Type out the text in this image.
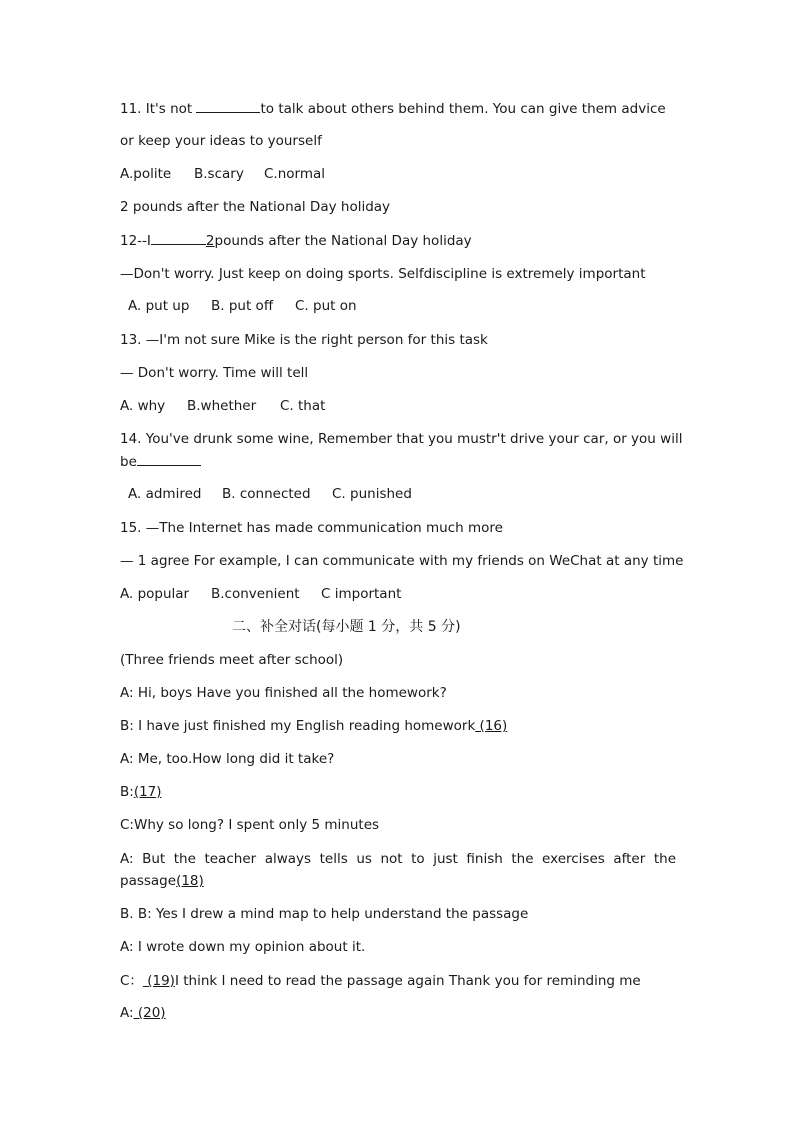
11. It's not	to talk about others behind them. You can give them advice
or keep your ideas to yourself
A.polite B.scary C.normal
2 pounds after the National Day holiday
12--I	2pounds after the National Day holiday
—Don't worry. Just keep on doing sports. Selfdiscipline is extremely important
A. put up B. put off C. put on
13. —I'm not sure Mike is the right person for this task
— Don't worry. Time will tell
A. why B.whether C. that
14. You've drunk some wine, Remember that you mustr't drive your car, or you will
be
A. admired B. connected C. punished
15. —The Internet has made communication much more
— 1 agree For example, I can communicate with my friends on WeChat at any time
A. popular B.convenient C important
二、补全对话(每小题 1 分，共 5 分)
(Three friends meet after school)
A: Hi, boys Have you finished all the homework?
B: I have just finished my English reading homework (16)
A: Me, too.How long did it take?
B:(17)
C:Why so long? I spent only 5 minutes
A: But the teacher always tells us not to just finish the exercises after the
passage(18)
B. B: Yes I drew a mind map to help understand the passage
A: I wrote down my opinion about it.
C： (19)I think I need to read the passage again Thank you for reminding me
A: (20)
